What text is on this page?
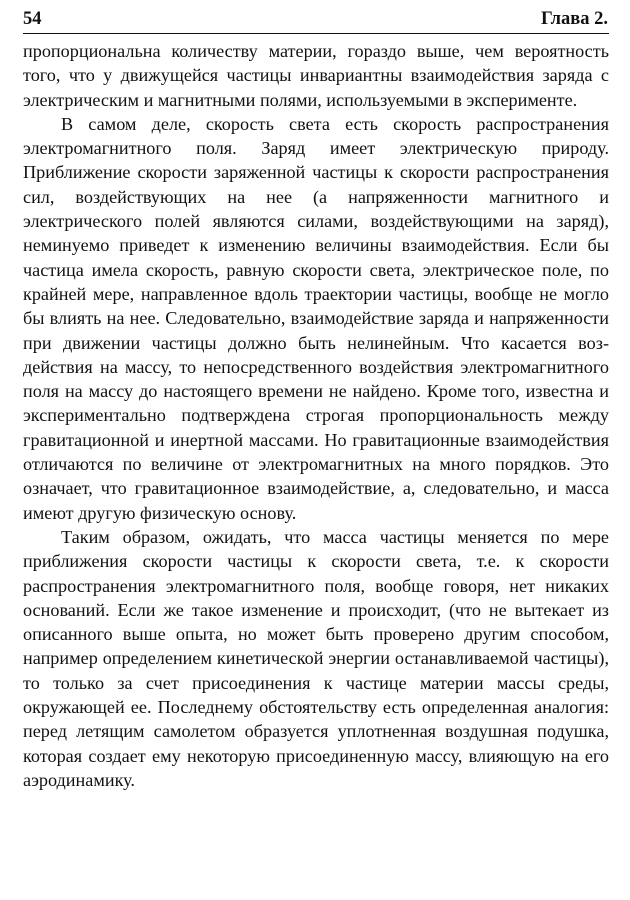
54	Глава 2.

пропорциональна количеству материи, гораздо выше, чем вероятность того, что у движущейся частицы инвариантны взаимодействия заряда с электрическим и магнитными полями, используемыми в эксперименте.

В самом деле, скорость света есть скорость распространения электромагнитного поля. Заряд имеет электрическую природу. Приближение скорости заряженной частицы к скорости распространения сил, воздействующих на нее (а напряженности магнитного и электрического полей являются силами, воздействующими на заряд), неминуемо приведет к изменению величины взаимодействия. Если бы частица имела скорость, равную скорости света, электрическое поле, по крайней мере, направленное вдоль траектории частицы, вообще не могло бы влиять на нее. Следовательно, взаимодействие заряда и напряженности при движении частицы должно быть нелинейным. Что касается воздействия на массу, то непосредственного воздействия электромагнитного поля на массу до настоящего времени не найдено. Кроме того, известна и экспериментально подтверждена строгая пропорциональность между гравитационной и инертной массами. Но гравитационные взаимодействия отличаются по величине от электромагнитных на много порядков. Это означает, что гравитационное взаимодействие, а, следовательно, и масса имеют другую физическую основу.

Таким образом, ожидать, что масса частицы меняется по мере приближения скорости частицы к скорости света, т.е. к скорости распространения электромагнитного поля, вообще говоря, нет никаких оснований. Если же такое изменение и происходит, (что не вытекает из описанного выше опыта, но может быть проверено другим способом, например определением кинетической энергии останавливаемой частицы), то только за счет присоединения к частице материи массы среды, окружающей ее. Последнему обстоятельству есть определенная аналогия: перед летящим самолетом образуется уплотненная воздушная подушка, которая создает ему некоторую присоединенную массу, влияющую на его аэродинамику.
